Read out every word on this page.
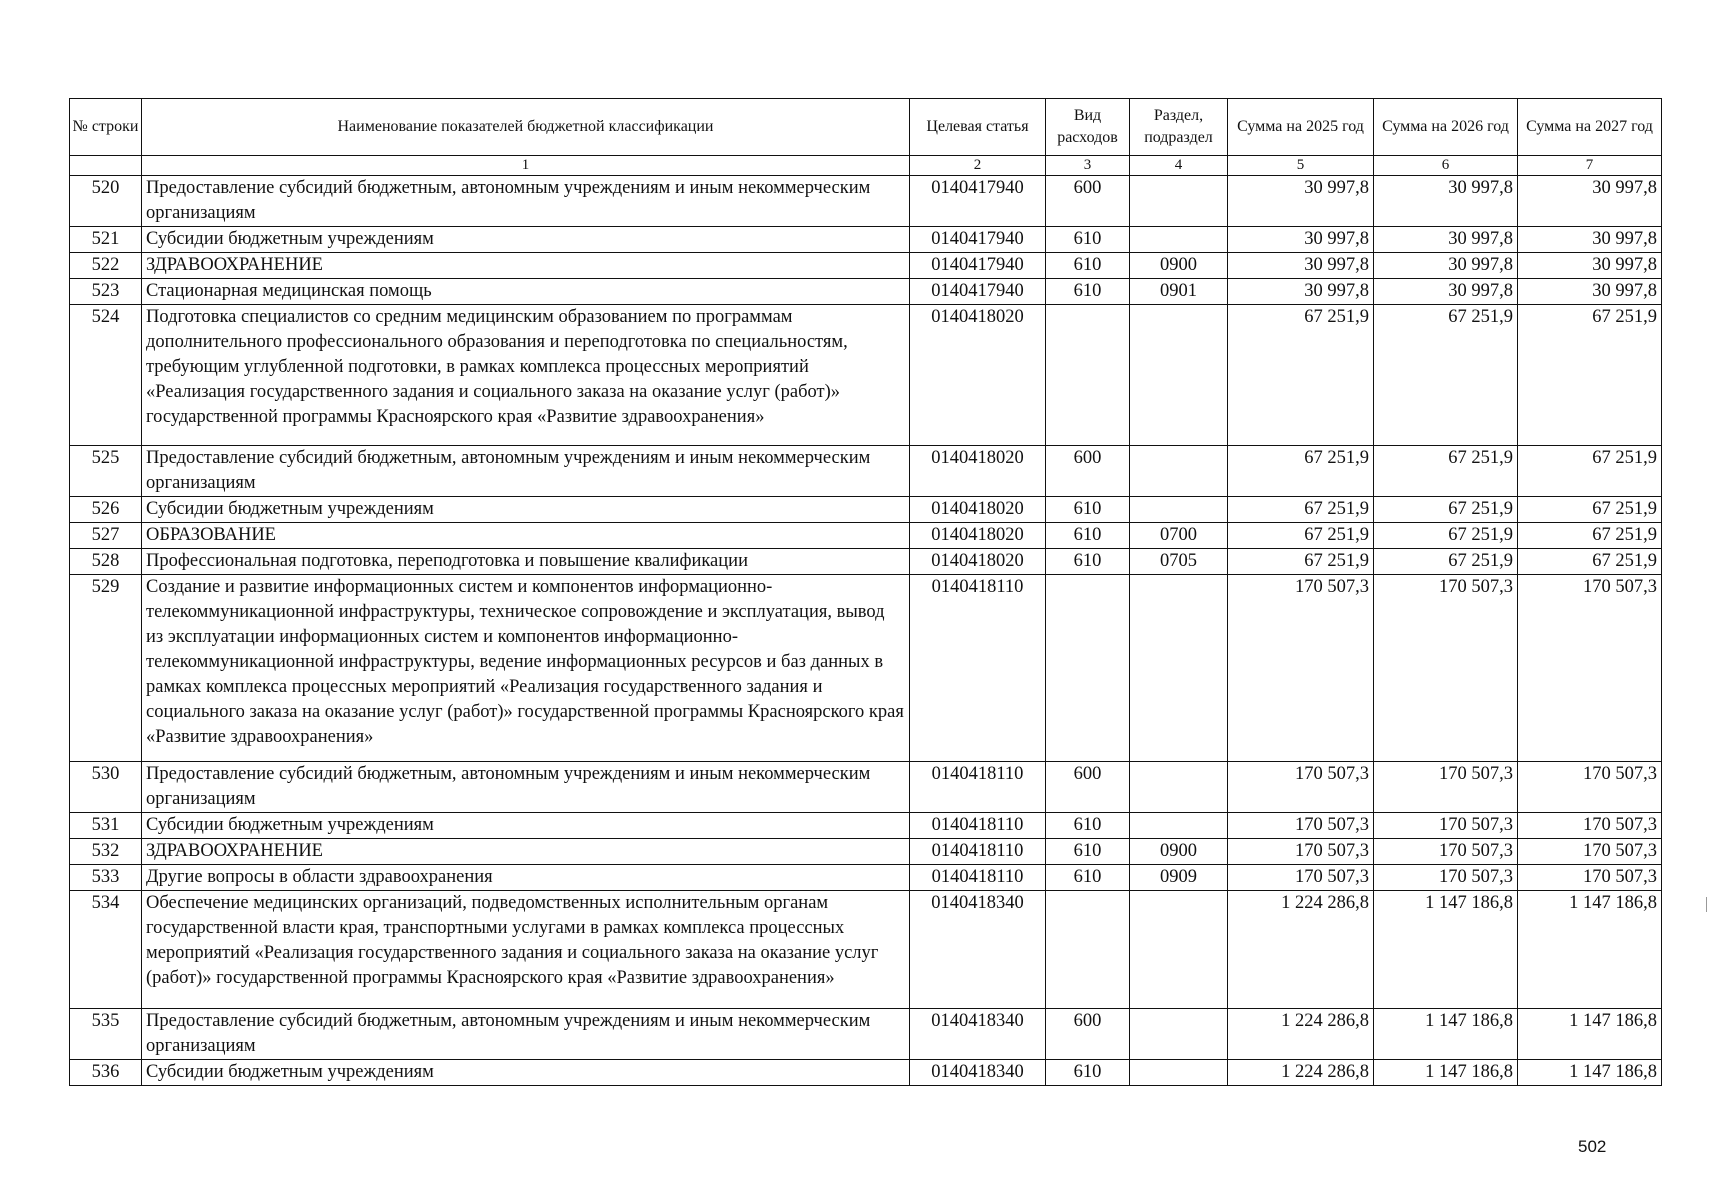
№ строки	Наименование показателей бюджетной классификации	Целевая статья	Вид расходов	Раздел, подраздел	Сумма на 2025 год	Сумма на 2026 год	Сумма на 2027 год
	1	2	3	4	5	6	7
520	Предоставление субсидий бюджетным, автономным учреждениям и иным некоммерческим организациям	0140417940	600		30 997,8	30 997,8	30 997,8
521	Субсидии бюджетным учреждениям	0140417940	610		30 997,8	30 997,8	30 997,8
522	ЗДРАВООХРАНЕНИЕ	0140417940	610	0900	30 997,8	30 997,8	30 997,8
523	Стационарная медицинская помощь	0140417940	610	0901	30 997,8	30 997,8	30 997,8
524	Подготовка специалистов со средним медицинским образованием по программам дополнительного профессионального образования и переподготовка по специальностям, требующим углубленной подготовки, в рамках комплекса процессных мероприятий «Реализация государственного задания и социального заказа на оказание услуг (работ)» государственной программы Красноярского края «Развитие здравоохранения»	0140418020			67 251,9	67 251,9	67 251,9
525	Предоставление субсидий бюджетным, автономным учреждениям и иным некоммерческим организациям	0140418020	600		67 251,9	67 251,9	67 251,9
526	Субсидии бюджетным учреждениям	0140418020	610		67 251,9	67 251,9	67 251,9
527	ОБРАЗОВАНИЕ	0140418020	610	0700	67 251,9	67 251,9	67 251,9
528	Профессиональная подготовка, переподготовка и повышение квалификации	0140418020	610	0705	67 251,9	67 251,9	67 251,9
529	Создание и развитие информационных систем и компонентов информационно-телекоммуникационной инфраструктуры, техническое сопровождение и эксплуатация, вывод из эксплуатации информационных систем и компонентов информационно-телекоммуникационной инфраструктуры, ведение информационных ресурсов и баз данных в рамках комплекса процессных мероприятий «Реализация государственного задания и социального заказа на оказание услуг (работ)» государственной программы Красноярского края «Развитие здравоохранения»	0140418110			170 507,3	170 507,3	170 507,3
530	Предоставление субсидий бюджетным, автономным учреждениям и иным некоммерческим организациям	0140418110	600		170 507,3	170 507,3	170 507,3
531	Субсидии бюджетным учреждениям	0140418110	610		170 507,3	170 507,3	170 507,3
532	ЗДРАВООХРАНЕНИЕ	0140418110	610	0900	170 507,3	170 507,3	170 507,3
533	Другие вопросы в области здравоохранения	0140418110	610	0909	170 507,3	170 507,3	170 507,3
534	Обеспечение медицинских организаций, подведомственных исполнительным органам государственной власти края, транспортными услугами в рамках комплекса процессных мероприятий «Реализация государственного задания и социального заказа на оказание услуг (работ)» государственной программы Красноярского края «Развитие здравоохранения»	0140418340			1 224 286,8	1 147 186,8	1 147 186,8
535	Предоставление субсидий бюджетным, автономным учреждениям и иным некоммерческим организациям	0140418340	600		1 224 286,8	1 147 186,8	1 147 186,8
536	Субсидии бюджетным учреждениям	0140418340	610		1 224 286,8	1 147 186,8	1 147 186,8
502
